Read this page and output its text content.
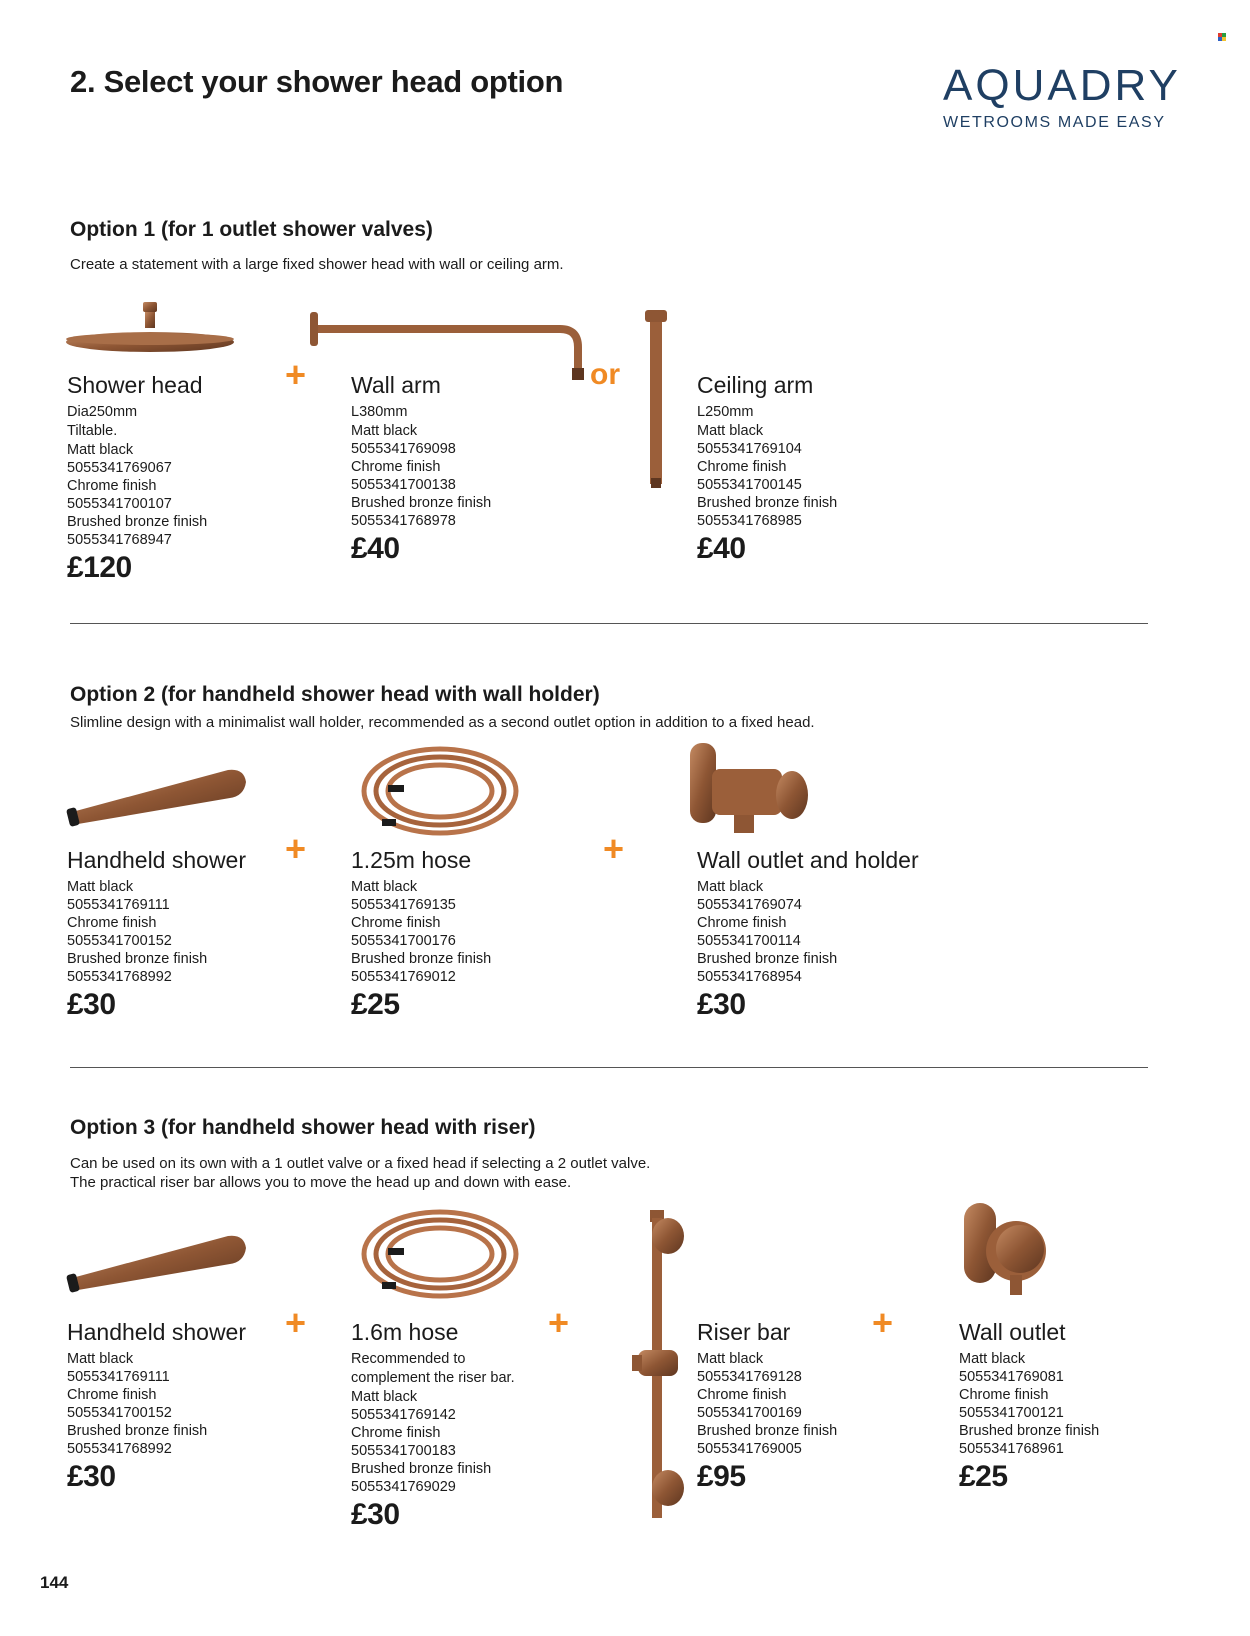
2. Select your shower head option	AQUADRY
WETROOMS MADE EASY
Option 1 (for 1 outlet shower valves)
Create a statement with a large fixed shower head with wall or ceiling arm.
+	or
Shower head
Dia250mm
Tiltable.
Matt black
5055341769067
Chrome finish
5055341700107
Brushed bronze finish
5055341768947
£120
Wall arm
L380mm
Matt black
5055341769098
Chrome finish
5055341700138
Brushed bronze finish
5055341768978
£40
Ceiling arm
L250mm
Matt black
5055341769104
Chrome finish
5055341700145
Brushed bronze finish
5055341768985
£40
Option 2 (for handheld shower head with wall holder)
Slimline design with a minimalist wall holder, recommended as a second outlet option in addition to a fixed head.
+	+
Handheld shower
Matt black
5055341769111
Chrome finish
5055341700152
Brushed bronze finish
5055341768992
£30
1.25m hose
Matt black
5055341769135
Chrome finish
5055341700176
Brushed bronze finish
5055341769012
£25
Wall outlet and holder
Matt black
5055341769074
Chrome finish
5055341700114
Brushed bronze finish
5055341768954
£30
Option 3 (for handheld shower head with riser)
Can be used on its own with a 1 outlet valve or a fixed head if selecting a 2 outlet valve.
The practical riser bar allows you to move the head up and down with ease.
+	+	+
Handheld shower
Matt black
5055341769111
Chrome finish
5055341700152
Brushed bronze finish
5055341768992
£30
1.6m hose
Recommended to
complement the riser bar.
Matt black
5055341769142
Chrome finish
5055341700183
Brushed bronze finish
5055341769029
£30
Riser bar
Matt black
5055341769128
Chrome finish
5055341700169
Brushed bronze finish
5055341769005
£95
Wall outlet
Matt black
5055341769081
Chrome finish
5055341700121
Brushed bronze finish
5055341768961
£25
144
